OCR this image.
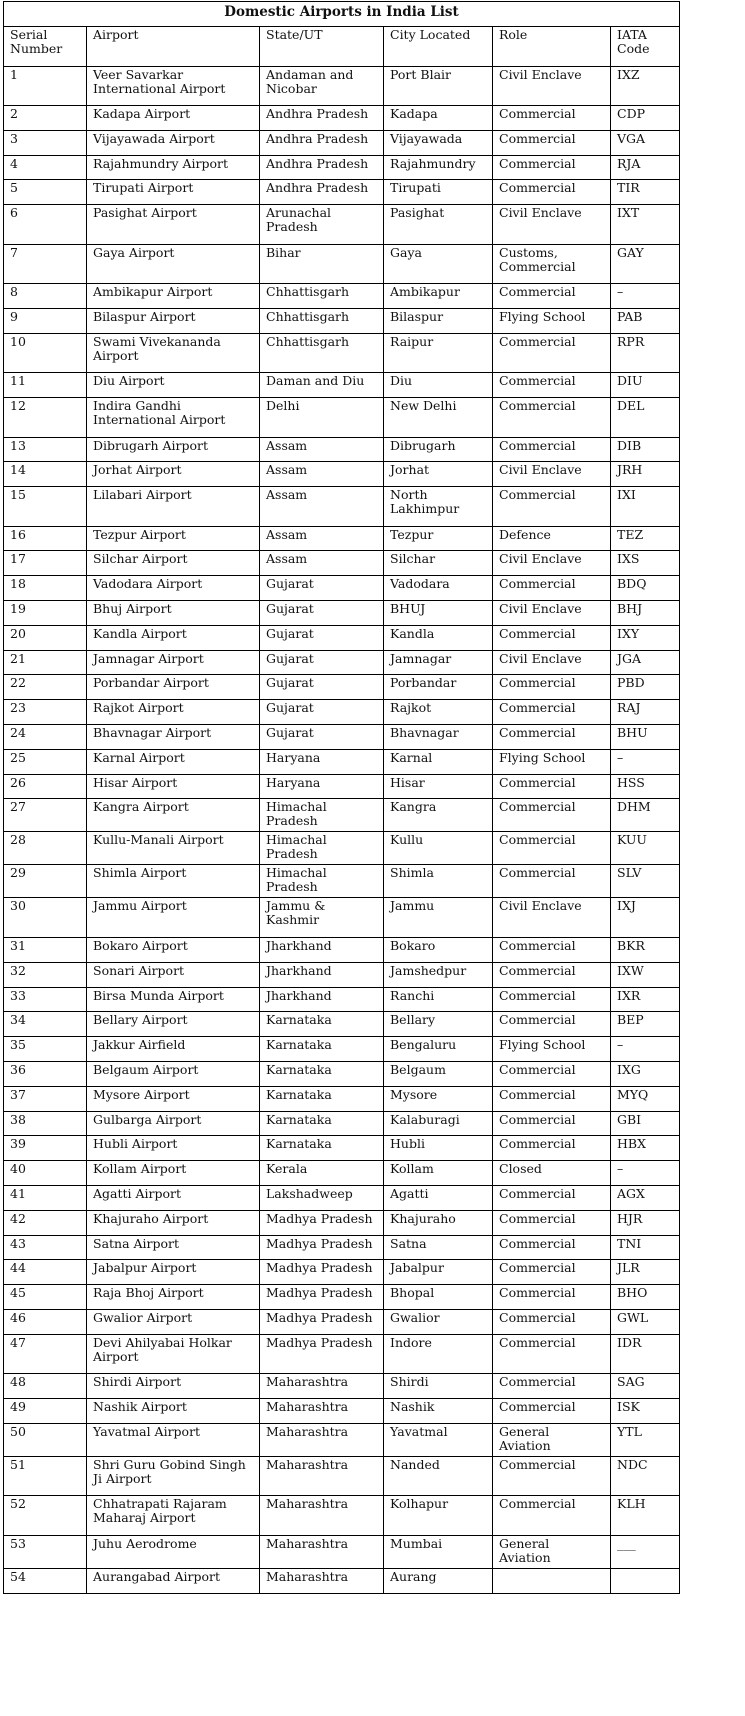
Domestic Airports in India List					
Serial Number	Airport	State/UT	City Located	Role	IATA Code
1	Veer Savarkar International Airport	Andaman and Nicobar	Port Blair	Civil Enclave	IXZ
2	Kadapa Airport	Andhra Pradesh	Kadapa	Commercial	CDP
3	Vijayawada Airport	Andhra Pradesh	Vijayawada	Commercial	VGA
4	Rajahmundry Airport	Andhra Pradesh	Rajahmundry	Commercial	RJA
5	Tirupati Airport	Andhra Pradesh	Tirupati	Commercial	TIR
6	Pasighat Airport	Arunachal Pradesh	Pasighat	Civil Enclave	IXT
7	Gaya Airport	Bihar	Gaya	Customs, Commercial	GAY
8	Ambikapur Airport	Chhattisgarh	Ambikapur	Commercial	–
9	Bilaspur Airport	Chhattisgarh	Bilaspur	Flying School	PAB
10	Swami Vivekananda Airport	Chhattisgarh	Raipur	Commercial	RPR
11	Diu Airport	Daman and Diu	Diu	Commercial	DIU
12	Indira Gandhi International Airport	Delhi	New Delhi	Commercial	DEL
13	Dibrugarh Airport	Assam	Dibrugarh	Commercial	DIB
14	Jorhat Airport	Assam	Jorhat	Civil Enclave	JRH
15	Lilabari Airport	Assam	North Lakhimpur	Commercial	IXI
16	Tezpur Airport	Assam	Tezpur	Defence	TEZ
17	Silchar Airport	Assam	Silchar	Civil Enclave	IXS
18	Vadodara Airport	Gujarat	Vadodara	Commercial	BDQ
19	Bhuj Airport	Gujarat	BHUJ	Civil Enclave	BHJ
20	Kandla Airport	Gujarat	Kandla	Commercial	IXY
21	Jamnagar Airport	Gujarat	Jamnagar	Civil Enclave	JGA
22	Porbandar Airport	Gujarat	Porbandar	Commercial	PBD
23	Rajkot Airport	Gujarat	Rajkot	Commercial	RAJ
24	Bhavnagar Airport	Gujarat	Bhavnagar	Commercial	BHU
25	Karnal Airport	Haryana	Karnal	Flying School	–
26	Hisar Airport	Haryana	Hisar	Commercial	HSS
27	Kangra Airport	Himachal Pradesh	Kangra	Commercial	DHM
28	Kullu-Manali Airport	Himachal Pradesh	Kullu	Commercial	KUU
29	Shimla Airport	Himachal Pradesh	Shimla	Commercial	SLV
30	Jammu Airport	Jammu & Kashmir	Jammu	Civil Enclave	IXJ
31	Bokaro Airport	Jharkhand	Bokaro	Commercial	BKR
32	Sonari Airport	Jharkhand	Jamshedpur	Commercial	IXW
33	Birsa Munda Airport	Jharkhand	Ranchi	Commercial	IXR
34	Bellary Airport	Karnataka	Bellary	Commercial	BEP
35	Jakkur Airfield	Karnataka	Bengaluru	Flying School	–
36	Belgaum Airport	Karnataka	Belgaum	Commercial	IXG
37	Mysore Airport	Karnataka	Mysore	Commercial	MYQ
38	Gulbarga Airport	Karnataka	Kalaburagi	Commercial	GBI
39	Hubli Airport	Karnataka	Hubli	Commercial	HBX
40	Kollam Airport	Kerala	Kollam	Closed	–
41	Agatti Airport	Lakshadweep	Agatti	Commercial	AGX
42	Khajuraho Airport	Madhya Pradesh	Khajuraho	Commercial	HJR
43	Satna Airport	Madhya Pradesh	Satna	Commercial	TNI
44	Jabalpur Airport	Madhya Pradesh	Jabalpur	Commercial	JLR
45	Raja Bhoj Airport	Madhya Pradesh	Bhopal	Commercial	BHO
46	Gwalior Airport	Madhya Pradesh	Gwalior	Commercial	GWL
47	Devi Ahilyabai Holkar Airport	Madhya Pradesh	Indore	Commercial	IDR
48	Shirdi Airport	Maharashtra	Shirdi	Commercial	SAG
49	Nashik Airport	Maharashtra	Nashik	Commercial	ISK
50	Yavatmal Airport	Maharashtra	Yavatmal	General Aviation	YTL
51	Shri Guru Gobind Singh Ji Airport	Maharashtra	Nanded	Commercial	NDC
52	Chhatrapati Rajaram Maharaj Airport	Maharashtra	Kolhapur	Commercial	KLH
53	Juhu Aerodrome	Maharashtra	Mumbai	General Aviation	___
54	Aurangabad Airport	Maharashtra	Aurang		
